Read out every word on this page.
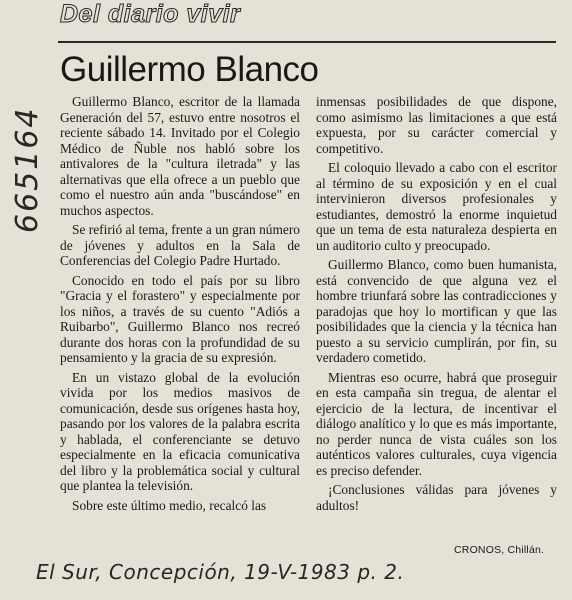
Del diario vivir
Guillermo Blanco
665164

Guillermo Blanco, escritor de la llamada Generación del 57, estuvo entre nosotros el reciente sábado 14. Invitado por el Colegio Médico de Ñuble nos habló sobre los antivalores de la "cultura iletrada" y las alternativas que ella ofrece a un pueblo que como el nuestro aún anda "buscándose" en muchos aspectos.

Se refirió al tema, frente a un gran número de jóvenes y adultos en la Sala de Conferencias del Colegio Padre Hurtado.

Conocido en todo el país por su libro "Gracia y el forastero" y especialmente por los niños, a través de su cuento "Adiós a Ruibarbo", Guillermo Blanco nos recreó durante dos horas con la profundidad de su pensamiento y la gracia de su expresión.

En un vistazo global de la evolución vivida por los medios masivos de comunicación, desde sus orígenes hasta hoy, pasando por los valores de la palabra escrita y hablada, el conferenciante se detuvo especialmente en la eficacia comunicativa del libro y la problemática social y cultural que plantea la televisión.

Sobre este último medio, recalcó las

inmensas posibilidades de que dispone, como asimismo las limitaciones a que está expuesta, por su carácter comercial y competitivo.

El coloquio llevado a cabo con el escritor al término de su exposición y en el cual intervinieron diversos profesionales y estudiantes, demostró la enorme inquietud que un tema de esta naturaleza despierta en un auditorio culto y preocupado.

Guillermo Blanco, como buen humanista, está convencido de que alguna vez el hombre triunfará sobre las contradicciones y paradojas que hoy lo mortifican y que las posibilidades que la ciencia y la técnica han puesto a su servicio cumplirán, por fin, su verdadero cometido.

Mientras eso ocurre, habrá que proseguir en esta campaña sin tregua, de alentar el ejercicio de la lectura, de incentivar el diálogo analítico y lo que es más importante, no perder nunca de vista cuáles son los auténticos valores culturales, cuya vigencia es preciso defender.

¡Conclusiones válidas para jóvenes y adultos!

CRONOS, Chillán.
El Sur, Concepción, 19-V-1983 p. 2.
